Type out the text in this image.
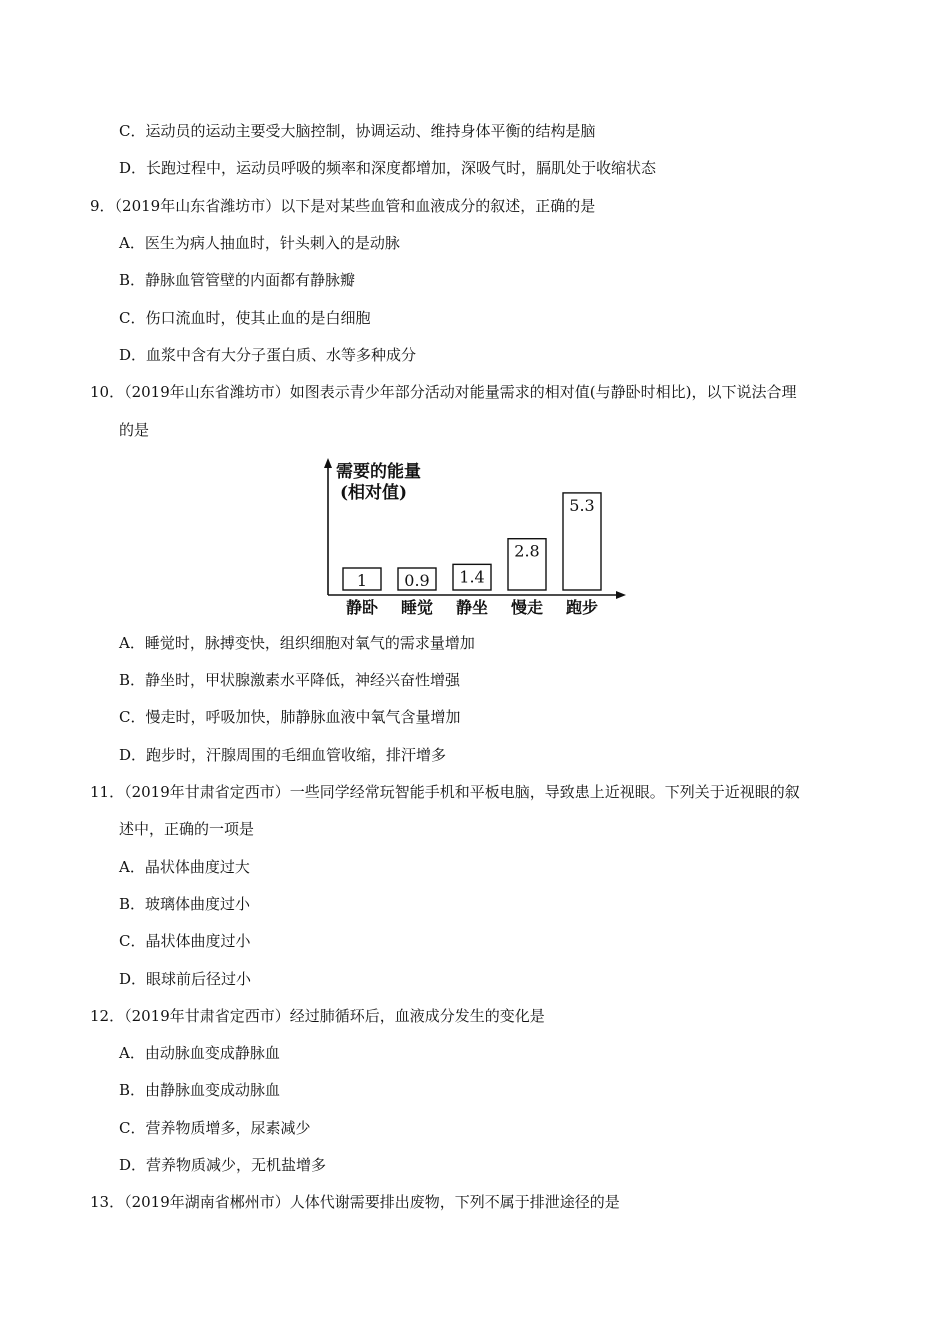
C．运动员的运动主要受大脑控制，协调运动、维持身体平衡的结构是脑
D．长跑过程中，运动员呼吸的频率和深度都增加，深吸气时，膈肌处于收缩状态
9．（2019年山东省潍坊市）以下是对某些血管和血液成分的叙述，正确的是
A．医生为病人抽血时，针头刺入的是动脉
B．静脉血管管壁的内面都有静脉瓣
C．伤口流血时，使其止血的是白细胞
D．血浆中含有大分子蛋白质、水等多种成分
10．（2019年山东省潍坊市）如图表示青少年部分活动对能量需求的相对值(与静卧时相比)，以下说法合理
的是
需要的能量
(相对值)
1 0.9 1.4
2.8
5.3
静卧 睡觉 静坐 慢走 跑步
A．睡觉时，脉搏变快，组织细胞对氧气的需求量增加
B．静坐时，甲状腺激素水平降低，神经兴奋性增强
C．慢走时，呼吸加快，肺静脉血液中氧气含量增加
D．跑步时，汗腺周围的毛细血管收缩，排汗增多
11．（2019年甘肃省定西市）一些同学经常玩智能手机和平板电脑，导致患上近视眼。下列关于近视眼的叙
述中，正确的一项是
A．晶状体曲度过大
B．玻璃体曲度过小
C．晶状体曲度过小
D．眼球前后径过小
12．（2019年甘肃省定西市）经过肺循环后，血液成分发生的变化是
A．由动脉血变成静脉血
B．由静脉血变成动脉血
C．营养物质增多，尿素减少
D．营养物质减少，无机盐增多
13．（2019年湖南省郴州市）人体代谢需要排出废物，下列不属于排泄途径的是
